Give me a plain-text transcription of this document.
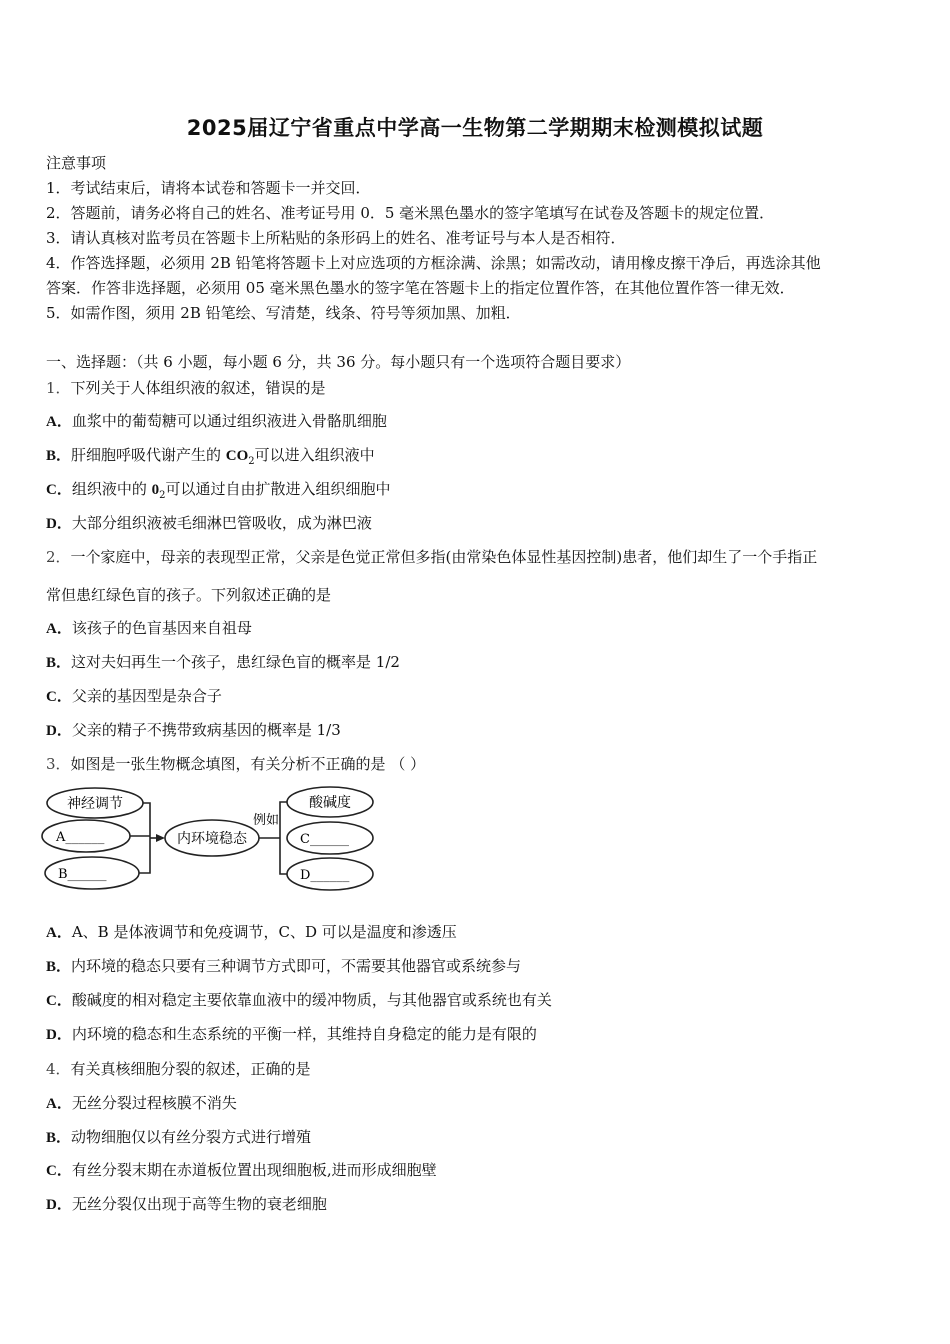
2025届辽宁省重点中学高一生物第二学期期末检测模拟试题
注意事项
1．考试结束后，请将本试卷和答题卡一并交回．
2．答题前，请务必将自己的姓名、准考证号用 0．5 毫米黑色墨水的签字笔填写在试卷及答题卡的规定位置．
3．请认真核对监考员在答题卡上所粘贴的条形码上的姓名、准考证号与本人是否相符．
4．作答选择题，必须用 2B 铅笔将答题卡上对应选项的方框涂满、涂黑；如需改动，请用橡皮擦干净后，再选涂其他
答案．作答非选择题，必须用 05 毫米黑色墨水的签字笔在答题卡上的指定位置作答，在其他位置作答一律无效．
5．如需作图，须用 2B 铅笔绘、写清楚，线条、符号等须加黑、加粗．
一、选择题：（共 6 小题，每小题 6 分，共 36 分。每小题只有一个选项符合题目要求）
1．下列关于人体组织液的叙述，错误的是
A．血浆中的葡萄糖可以通过组织液进入骨骼肌细胞
B．肝细胞呼吸代谢产生的 $CO_2$可以进入组织液中
C．组织液中的 $0_2$可以通过自由扩散进入组织细胞中
D．大部分组织液被毛细淋巴管吸收，成为淋巴液
2．一个家庭中，母亲的表现型正常，父亲是色觉正常但多指(由常染色体显性基因控制)患者，他们却生了一个手指正
常但患红绿色盲的孩子。下列叙述正确的是
A．该孩子的色盲基因来自祖母
B．这对夫妇再生一个孩子，患红绿色盲的概率是 1/2
C．父亲的基因型是杂合子
D．父亲的精子不携带致病基因的概率是 1/3
3．如图是一张生物概念填图，有关分析不正确的是 （ ）
神经调节
A______
B______
内环境稳态
例如
酸碱度
C______
D______
A．A、B 是体液调节和免疫调节，C、D 可以是温度和渗透压
B．内环境的稳态只要有三种调节方式即可，不需要其他器官或系统参与
C．酸碱度的相对稳定主要依靠血液中的缓冲物质，与其他器官或系统也有关
D．内环境的稳态和生态系统的平衡一样，其维持自身稳定的能力是有限的
4．有关真核细胞分裂的叙述，正确的是
A．无丝分裂过程核膜不消失
B．动物细胞仅以有丝分裂方式进行增殖
C．有丝分裂末期在赤道板位置出现细胞板,进而形成细胞壁
D．无丝分裂仅出现于高等生物的衰老细胞
